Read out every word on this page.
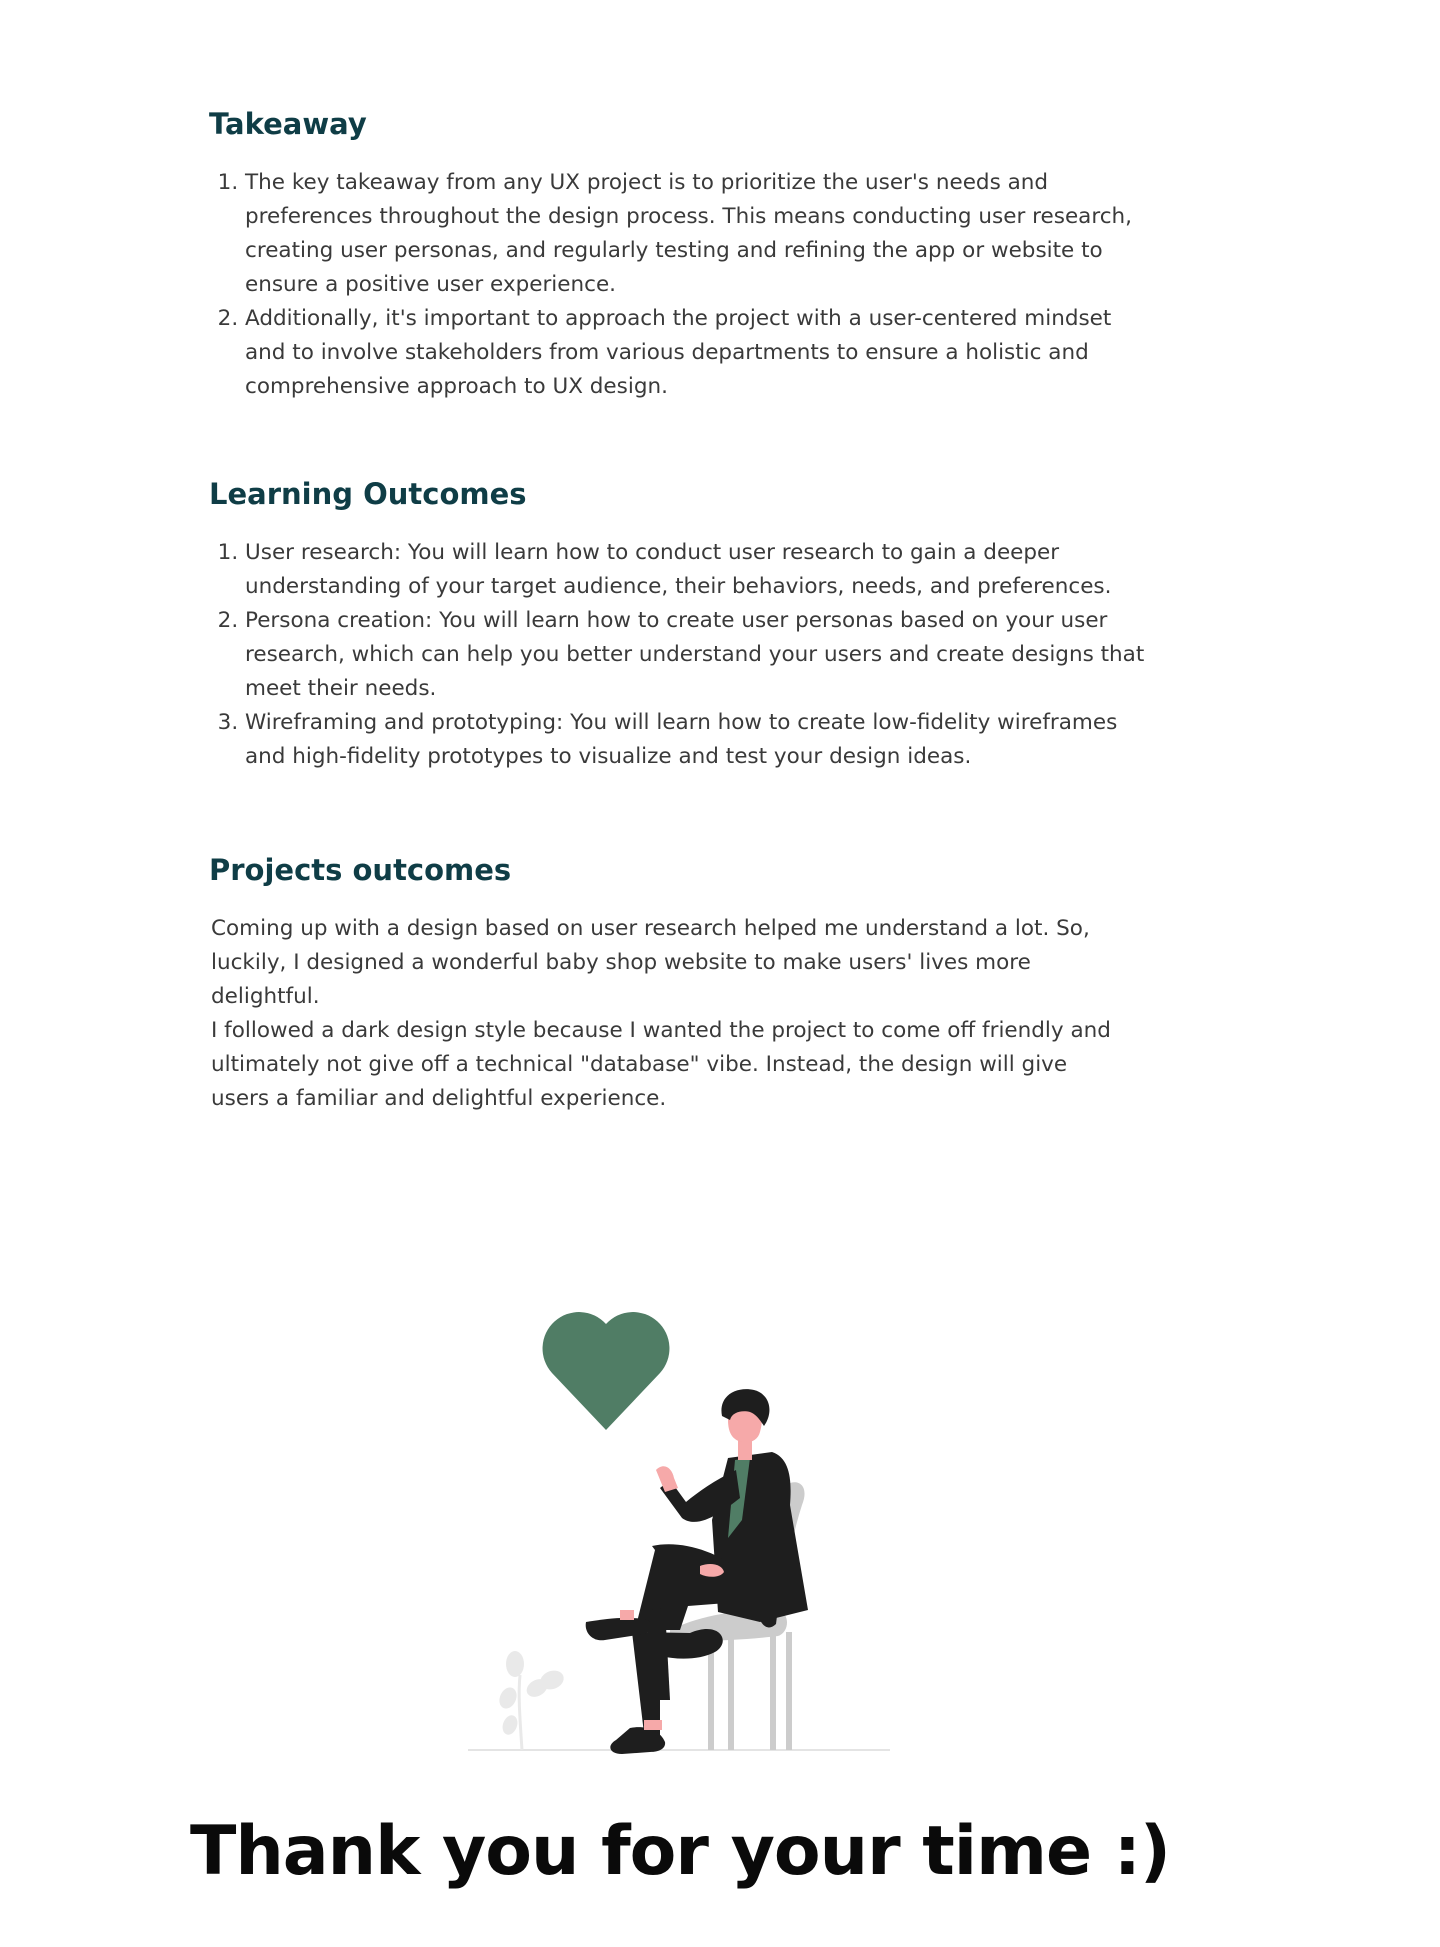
Takeaway
1. The key takeaway from any UX project is to prioritize the user's needs and preferences throughout the design process. This means conducting user research, creating user personas, and regularly testing and refining the app or website to ensure a positive user experience.
2. Additionally, it's important to approach the project with a user-centered mindset and to involve stakeholders from various departments to ensure a holistic and comprehensive approach to UX design.
Learning Outcomes
1. User research: You will learn how to conduct user research to gain a deeper understanding of your target audience, their behaviors, needs, and preferences.
2. Persona creation: You will learn how to create user personas based on your user research, which can help you better understand your users and create designs that meet their needs.
3. Wireframing and prototyping: You will learn how to create low-fidelity wireframes and high-fidelity prototypes to visualize and test your design ideas.
Projects outcomes

Coming up with a design based on user research helped me understand a lot. So, luckily, I designed a wonderful baby shop website to make users' lives more delightful.

I followed a dark design style because I wanted the project to come off friendly and ultimately not give off a technical "database" vibe. Instead, the design will give users a familiar and delightful experience.

Thank you for your time :)
